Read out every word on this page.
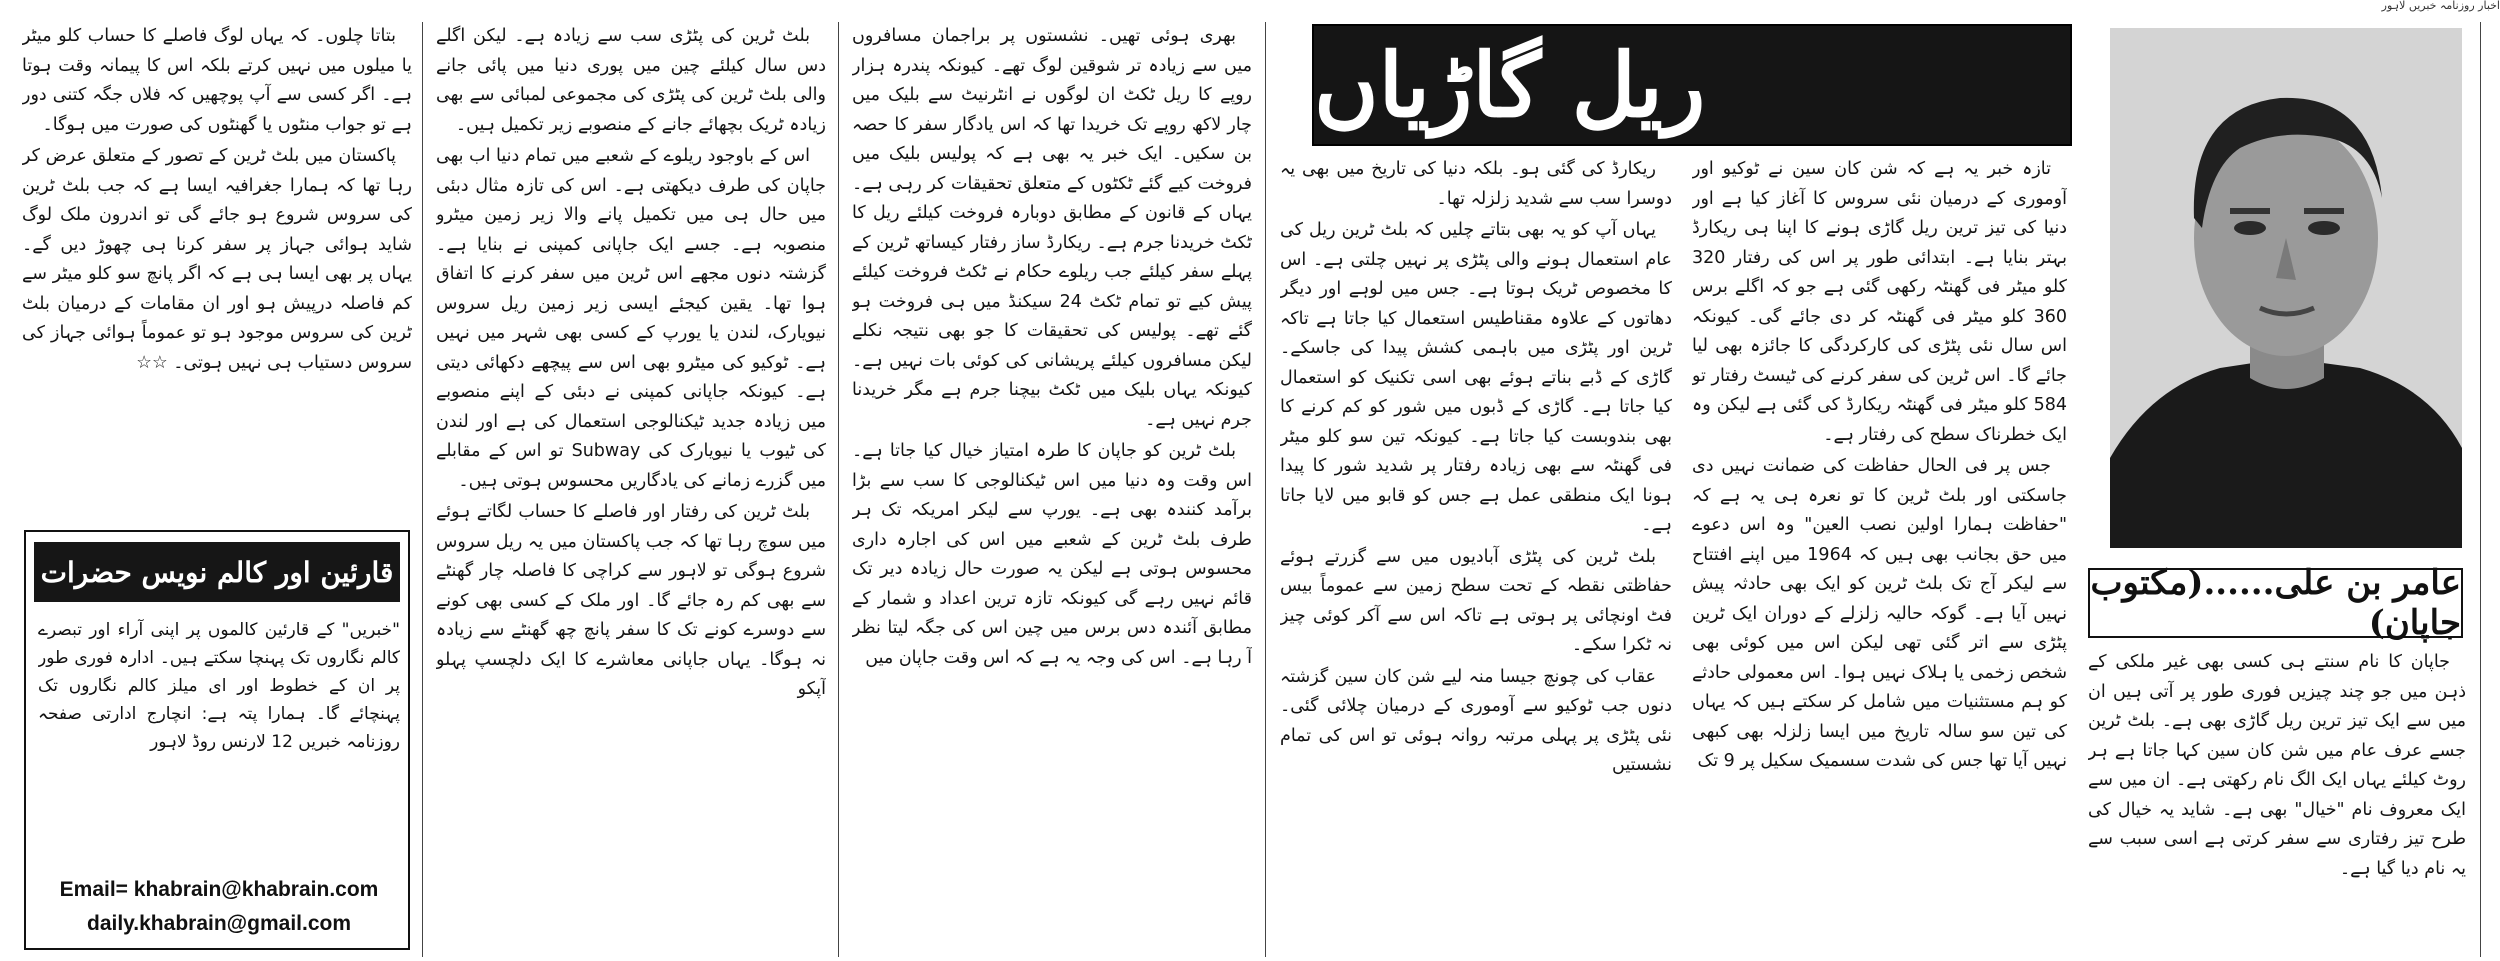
اخبار روزنامہ خبریں لاہور

جاپان کا نام سنتے ہی کسی بھی غیر ملکی کے ذہن میں جو چند چیزیں فوری طور پر آتی ہیں ان میں سے ایک تیز ترین ریل گاڑی بھی ہے۔ بلٹ ٹرین جسے عرف عام میں شن کان سین کہا جاتا ہے ہر روٹ کیلئے یہاں ایک الگ نام رکھتی ہے۔ ان میں سے ایک معروف نام "خیال" بھی ہے۔ شاید یہ خیال کی طرح تیز رفتاری سے سفر کرتی ہے اسی سبب سے یہ نام دیا گیا ہے۔

تازہ خبر یہ ہے کہ شن کان سین نے ٹوکیو اور آوموری کے درمیان نئی سروس کا آغاز کیا ہے اور دنیا کی تیز ترین ریل گاڑی ہونے کا اپنا ہی ریکارڈ بہتر بنایا ہے۔ ابتدائی طور پر اس کی رفتار 320 کلو میٹر فی گھنٹہ رکھی گئی ہے جو کہ اگلے برس 360 کلو میٹر فی گھنٹہ کر دی جائے گی۔ کیونکہ اس سال نئی پٹڑی کی کارکردگی کا جائزہ بھی لیا جائے گا۔ اس ٹرین کی سفر کرنے کی ٹیسٹ رفتار تو 584 کلو میٹر فی گھنٹہ ریکارڈ کی گئی ہے لیکن وہ ایک خطرناک سطح کی رفتار ہے۔

جس پر فی الحال حفاظت کی ضمانت نہیں دی جاسکتی اور بلٹ ٹرین کا تو نعرہ ہی یہ ہے کہ "حفاظت ہمارا اولین نصب العین" وہ اس دعوے میں حق بجانب بھی ہیں کہ 1964 میں اپنے افتتاح سے لیکر آج تک بلٹ ٹرین کو ایک بھی حادثہ پیش نہیں آیا ہے۔ گوکہ حالیہ زلزلے کے دوران ایک ٹرین پٹڑی سے اتر گئی تھی لیکن اس میں کوئی بھی شخص زخمی یا ہلاک نہیں ہوا۔ اس معمولی حادثے کو ہم مستثنیات میں شامل کر سکتے ہیں کہ یہاں کی تین سو سالہ تاریخ میں ایسا زلزلہ بھی کبھی نہیں آیا تھا جس کی شدت سسمیک سکیل پر 9 تک

ریکارڈ کی گئی ہو۔ بلکہ دنیا کی تاریخ میں بھی یہ دوسرا سب سے شدید زلزلہ تھا۔

یہاں آپ کو یہ بھی بتاتے چلیں کہ بلٹ ٹرین ریل کی عام استعمال ہونے والی پٹڑی پر نہیں چلتی ہے۔ اس کا مخصوص ٹریک ہوتا ہے۔ جس میں لوہے اور دیگر دھاتوں کے علاوہ مقناطیس استعمال کیا جاتا ہے تاکہ ٹرین اور پٹڑی میں باہمی کشش پیدا کی جاسکے۔ گاڑی کے ڈبے بناتے ہوئے بھی اسی تکنیک کو استعمال کیا جاتا ہے۔ گاڑی کے ڈبوں میں شور کو کم کرنے کا بھی بندوبست کیا جاتا ہے۔ کیونکہ تین سو کلو میٹر فی گھنٹہ سے بھی زیادہ رفتار پر شدید شور کا پیدا ہونا ایک منطقی عمل ہے جس کو قابو میں لایا جاتا ہے۔

بلٹ ٹرین کی پٹڑی آبادیوں میں سے گزرتے ہوئے حفاظتی نقطہ کے تحت سطح زمین سے عموماً بیس فٹ اونچائی پر ہوتی ہے تاکہ اس سے آکر کوئی چیز نہ ٹکرا سکے۔

عقاب کی چونچ جیسا منہ لیے شن کان سین گزشتہ دنوں جب ٹوکیو سے آوموری کے درمیان چلائی گئی۔ نئی پٹڑی پر پہلی مرتبہ روانہ ہوئی تو اس کی تمام نشستیں

بھری ہوئی تھیں۔ نشستوں پر براجمان مسافروں میں سے زیادہ تر شوقین لوگ تھے۔ کیونکہ پندرہ ہزار روپے کا ریل ٹکٹ ان لوگوں نے انٹرنیٹ سے بلیک میں چار لاکھ روپے تک خریدا تھا کہ اس یادگار سفر کا حصہ بن سکیں۔ ایک خبر یہ بھی ہے کہ پولیس بلیک میں فروخت کیے گئے ٹکٹوں کے متعلق تحقیقات کر رہی ہے۔ یہاں کے قانون کے مطابق دوبارہ فروخت کیلئے ریل کا ٹکٹ خریدنا جرم ہے۔ ریکارڈ ساز رفتار کیساتھ ٹرین کے پہلے سفر کیلئے جب ریلوے حکام نے ٹکٹ فروخت کیلئے پیش کیے تو تمام ٹکٹ 24 سیکنڈ میں ہی فروخت ہو گئے تھے۔ پولیس کی تحقیقات کا جو بھی نتیجہ نکلے لیکن مسافروں کیلئے پریشانی کی کوئی بات نہیں ہے۔ کیونکہ یہاں بلیک میں ٹکٹ بیچنا جرم ہے مگر خریدنا جرم نہیں ہے۔

بلٹ ٹرین کو جاپان کا طرہ امتیاز خیال کیا جاتا ہے۔ اس وقت وہ دنیا میں اس ٹیکنالوجی کا سب سے بڑا برآمد کنندہ بھی ہے۔ یورپ سے لیکر امریکہ تک ہر طرف بلٹ ٹرین کے شعبے میں اس کی اجارہ داری محسوس ہوتی ہے لیکن یہ صورت حال زیادہ دیر تک قائم نہیں رہے گی کیونکہ تازہ ترین اعداد و شمار کے مطابق آئندہ دس برس میں چین اس کی جگہ لیتا نظر آ رہا ہے۔ اس کی وجہ یہ ہے کہ اس وقت جاپان میں

بلٹ ٹرین کی پٹڑی سب سے زیادہ ہے۔ لیکن اگلے دس سال کیلئے چین میں پوری دنیا میں پائی جانے والی بلٹ ٹرین کی پٹڑی کی مجموعی لمبائی سے بھی زیادہ ٹریک بچھائے جانے کے منصوبے زیر تکمیل ہیں۔

اس کے باوجود ریلوے کے شعبے میں تمام دنیا اب بھی جاپان کی طرف دیکھتی ہے۔ اس کی تازہ مثال دبئی میں حال ہی میں تکمیل پانے والا زیر زمین میٹرو منصوبہ ہے۔ جسے ایک جاپانی کمپنی نے بنایا ہے۔ گزشتہ دنوں مجھے اس ٹرین میں سفر کرنے کا اتفاق ہوا تھا۔ یقین کیجئے ایسی زیر زمین ریل سروس نیویارک، لندن یا یورپ کے کسی بھی شہر میں نہیں ہے۔ ٹوکیو کی میٹرو بھی اس سے پیچھے دکھائی دیتی ہے۔ کیونکہ جاپانی کمپنی نے دبئی کے اپنے منصوبے میں زیادہ جدید ٹیکنالوجی استعمال کی ہے اور لندن کی ٹیوب یا نیویارک کی Subway تو اس کے مقابلے میں گزرے زمانے کی یادگاریں محسوس ہوتی ہیں۔

بلٹ ٹرین کی رفتار اور فاصلے کا حساب لگاتے ہوئے میں سوچ رہا تھا کہ جب پاکستان میں یہ ریل سروس شروع ہوگی تو لاہور سے کراچی کا فاصلہ چار گھنٹے سے بھی کم رہ جائے گا۔ اور ملک کے کسی بھی کونے سے دوسرے کونے تک کا سفر پانچ چھ گھنٹے سے زیادہ نہ ہوگا۔ یہاں جاپانی معاشرے کا ایک دلچسپ پہلو آپکو

بتاتا چلوں۔ کہ یہاں لوگ فاصلے کا حساب کلو میٹر یا میلوں میں نہیں کرتے بلکہ اس کا پیمانہ وقت ہوتا ہے۔ اگر کسی سے آپ پوچھیں کہ فلاں جگہ کتنی دور ہے تو جواب منٹوں یا گھنٹوں کی صورت میں ہوگا۔

پاکستان میں بلٹ ٹرین کے تصور کے متعلق عرض کر رہا تھا کہ ہمارا جغرافیہ ایسا ہے کہ جب بلٹ ٹرین کی سروس شروع ہو جائے گی تو اندرون ملک لوگ شاید ہوائی جہاز پر سفر کرنا ہی چھوڑ دیں گے۔ یہاں پر بھی ایسا ہی ہے کہ اگر پانچ سو کلو میٹر سے کم فاصلہ درپیش ہو اور ان مقامات کے درمیان بلٹ ٹرین کی سروس موجود ہو تو عموماً ہوائی جہاز کی سروس دستیاب ہی نہیں ہوتی۔ ☆☆

ریل گاڑیاں
عامر بن علی......(مکتوب جاپان)
قارئین اور کالم نویس حضرات
"خبریں" کے قارئین کالموں پر اپنی آراء اور تبصرے کالم نگاروں تک پہنچا سکتے ہیں۔ ادارہ فوری طور پر ان کے خطوط اور ای میلز کالم نگاروں تک پہنچائے گا۔ ہمارا پتہ ہے: انچارج ادارتی صفحہ روزنامہ خبریں 12 لارنس روڈ لاہور
Email= khabrain@khabrain.com
daily.khabrain@gmail.com
